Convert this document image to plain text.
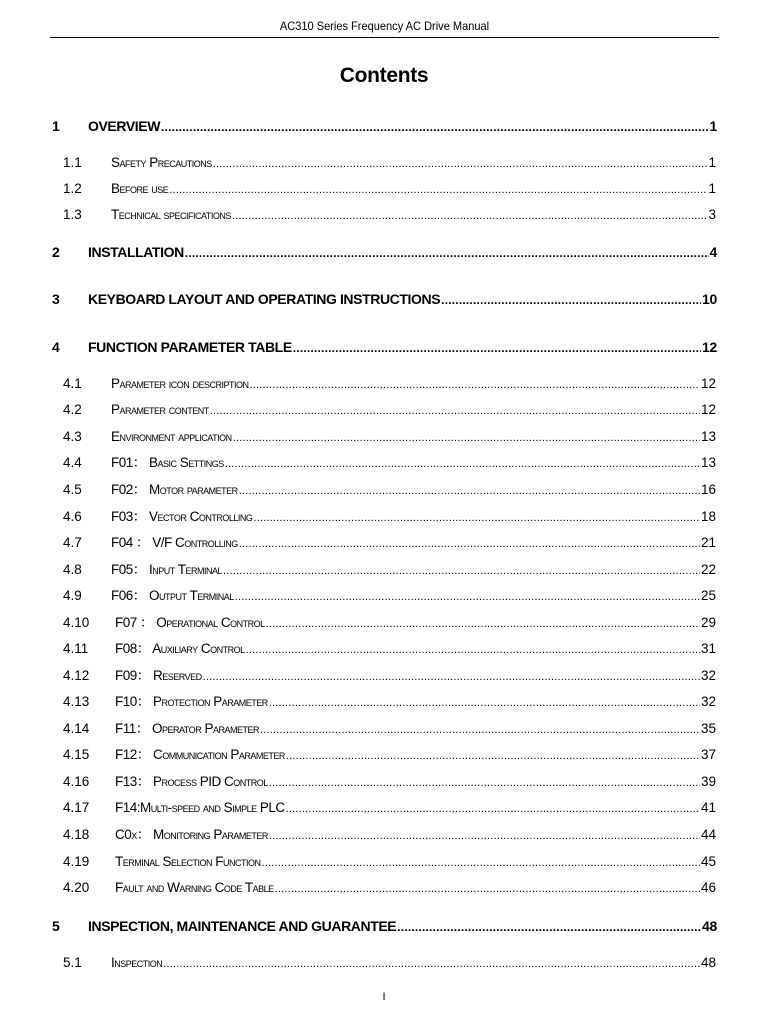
AC310 Series Frequency AC Drive Manual
Contents
1	OVERVIEW .....	1
1.1	Safety Precautions .....	1
1.2	Before use .....	1
1.3	Technical specifications .....	3
2	INSTALLATION .....	4
3	KEYBOARD LAYOUT AND OPERATING INSTRUCTIONS .....	10
4	FUNCTION PARAMETER TABLE .....	12
4.1	Parameter icon description .....	12
4.2	Parameter content .....	12
4.3	Environment application .....	13
4.4	F01： Basic Settings .....	13
4.5	F02： Motor parameter .....	16
4.6	F03： Vector Controlling .....	18
4.7	F04 ： V/F Controlling .....	21
4.8	F05： Input Terminal .....	22
4.9	F06： Output Terminal .....	25
4.10	F07 ： Operational Control .....	29
4.11	F08： Auxiliary Control .....	31
4.12	F09： Reserved .....	32
4.13	F10： Protection Parameter .....	32
4.14	F11： Operator Parameter .....	35
4.15	F12： Communication Parameter .....	37
4.16	F13： Process PID Control .....	39
4.17	F14:Multi-speed and Simple PLC .....	41
4.18	C0x： Monitoring Parameter .....	44
4.19	Terminal Selection Function .....	45
4.20	Fault and Warning Code Table .....	46
5	INSPECTION, MAINTENANCE AND GUARANTEE .....	48
5.1	Inspection .....	48
I
